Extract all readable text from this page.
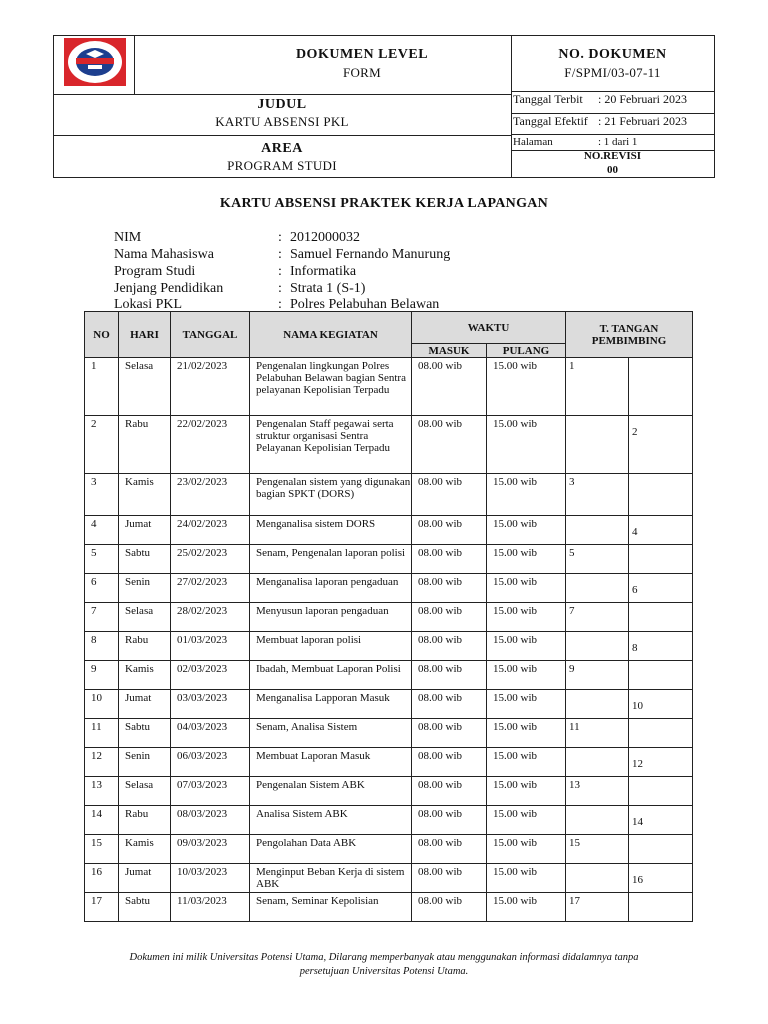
DOKUMEN LEVEL
FORM
NO. DOKUMEN
F/SPMI/03-07-11
JUDUL
KARTU ABSENSI PKL
AREA
PROGRAM STUDI
Tanggal Terbit : 20 Februari 2023
Tanggal Efektif : 21 Februari 2023
Halaman	: 1 dari 1
NO.REVISI
00
KARTU ABSENSI PRAKTEK KERJA LAPANGAN
NIM	: 2012000032
Nama Mahasiswa	: Samuel Fernando Manurung
Program Studi	: Informatika
Jenjang Pendidikan	: Strata 1 (S-1)
Lokasi PKL	: Polres Pelabuhan Belawan
NO	HARI	TANGGAL	NAMA KEGIATAN	WAKTU		T. TANGAN PEMBIMBING
				MASUK	PULANG	
1	Selasa	21/02/2023	Pengenalan lingkungan Polres Pelabuhan Belawan bagian Sentra pelayanan Kepolisian Terpadu	08.00 wib	15.00 wib	1

2	Rabu	22/02/2023	Pengenalan Staff pegawai serta struktur organisasi Sentra Pelayanan Kepolisian Terpadu	08.00 wib	15.00 wib	2

3	Kamis	23/02/2023	Pengenalan sistem yang digunakan bagian SPKT (DORS)	08.00 wib	15.00 wib	3

4	Jumat	24/02/2023	Menganalisa sistem DORS	08.00 wib	15.00 wib	4

5	Sabtu	25/02/2023	Senam, Pengenalan laporan polisi	08.00 wib	15.00 wib	5

6	Senin	27/02/2023	Menganalisa laporan pengaduan	08.00 wib	15.00 wib	6

7	Selasa	28/02/2023	Menyusun laporan pengaduan	08.00 wib	15.00 wib	7

8	Rabu	01/03/2023	Membuat laporan polisi	08.00 wib	15.00 wib	8

9	Kamis	02/03/2023	Ibadah, Membuat Laporan Polisi	08.00 wib	15.00 wib	9

10	Jumat	03/03/2023	Menganalisa Lapporan Masuk	08.00 wib	15.00 wib	10

11	Sabtu	04/03/2023	Senam, Analisa Sistem	08.00 wib	15.00 wib	11

12	Senin	06/03/2023	Membuat Laporan Masuk	08.00 wib	15.00 wib	12

13	Selasa	07/03/2023	Pengenalan Sistem ABK	08.00 wib	15.00 wib	13

14	Rabu	08/03/2023	Analisa Sistem ABK	08.00 wib	15.00 wib	14

15	Kamis	09/03/2023	Pengolahan Data ABK	08.00 wib	15.00 wib	15

16	Jumat	10/03/2023	Menginput Beban Kerja di sistem ABK	08.00 wib	15.00 wib	16

17	Sabtu	11/03/2023	Senam, Seminar Kepolisian	08.00 wib	15.00 wib	17
Dokumen ini milik Universitas Potensi Utama, Dilarang memperbanyak atau menggunakan informasi didalamnya tanpa
persetujuan Universitas Potensi Utama.
